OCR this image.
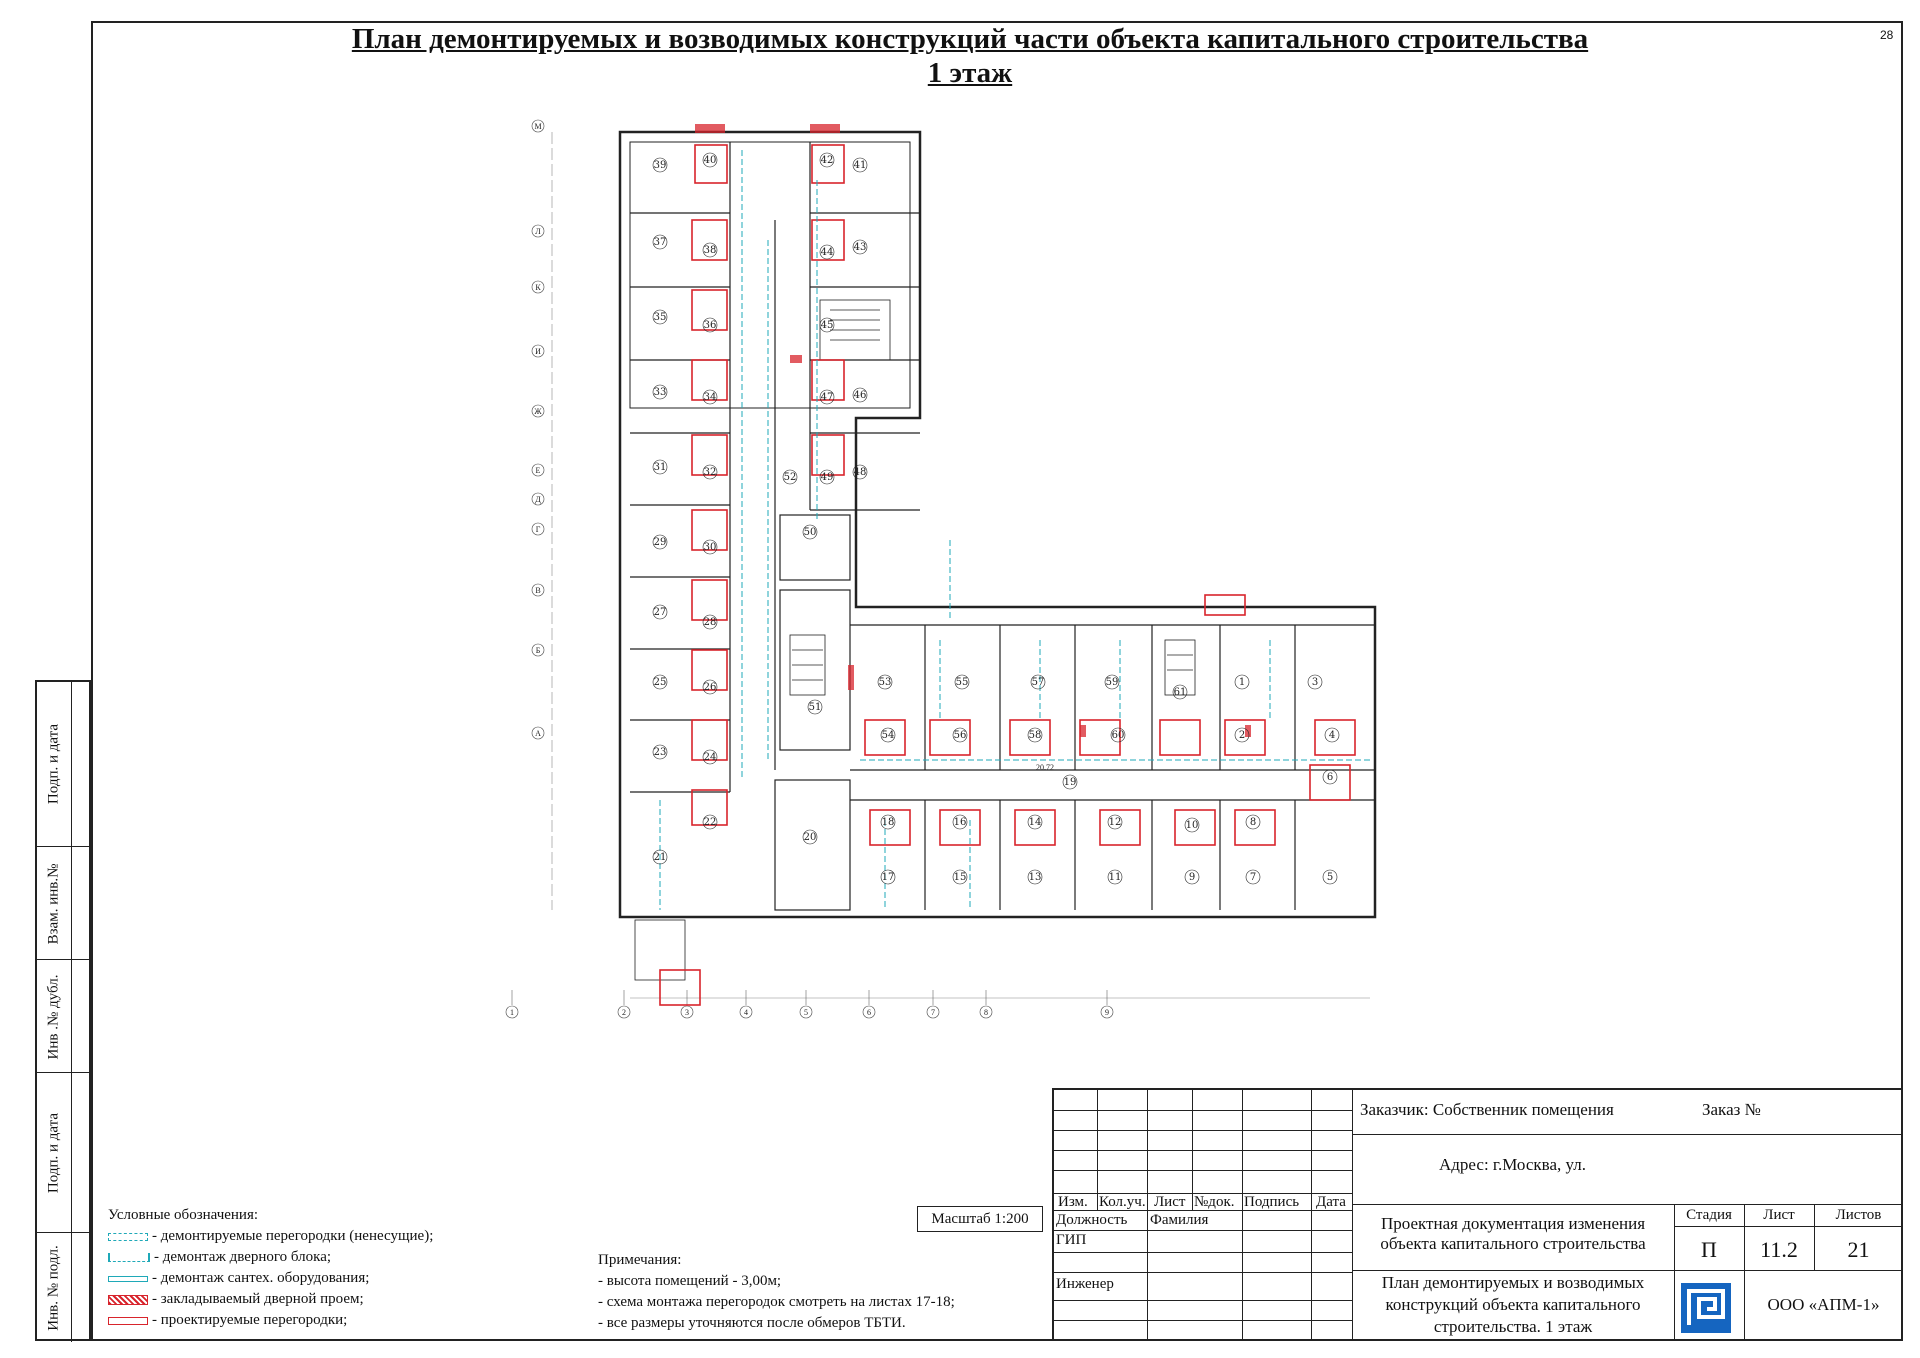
28
План демонтируемых и возводимых конструкций части объекта капитального строительства
1 этаж
Подп. и дата
Взам. инв.№
Инв .№ дубл.
Подп. и дата
Инв. № подл.
М
Л
К
И
Ж
Е
Д
Г
В
Б
А
1	2	3	4	5	6	7	8	9
39	40	42 41
37
38	44 43
35
36	45
33	34	47 46
31	32	52 49 48
29	30
50
27
28
25	26
51
23	24
21
22
20
18
17
16
15
14
13
12
11
10
9
8
7
6
5
4
3
2
1
53
54
55
56
57
58
59
60
61
19
20.72
Условные обозначения:
- демонтируемые перегородки (ненесущие);
- демонтаж дверного блока;
- демонтаж сантех. оборудования;
- закладываемый дверной проем;
- проектируемые перегородки;
Масштаб 1:200
Примечания:
- высота помещений - 3,00м;
- схема монтажа перегородок смотреть на листах 17-18;
- все размеры уточняются после обмеров ТБТИ.
Заказчик: Собственник помещения	Заказ №
Адрес: г.Москва, ул.
Изм. Кол.уч. Лист №док. Подпись Дата
Должность Фамилия
ГИП
Инженер
Проектная документация изменения объекта капитального строительства
План демонтируемых и возводимых конструкций объекта капитального строительства. 1 этаж
Стадия	Лист	Листов
П	11.2	21
ООО «АПМ-1»
